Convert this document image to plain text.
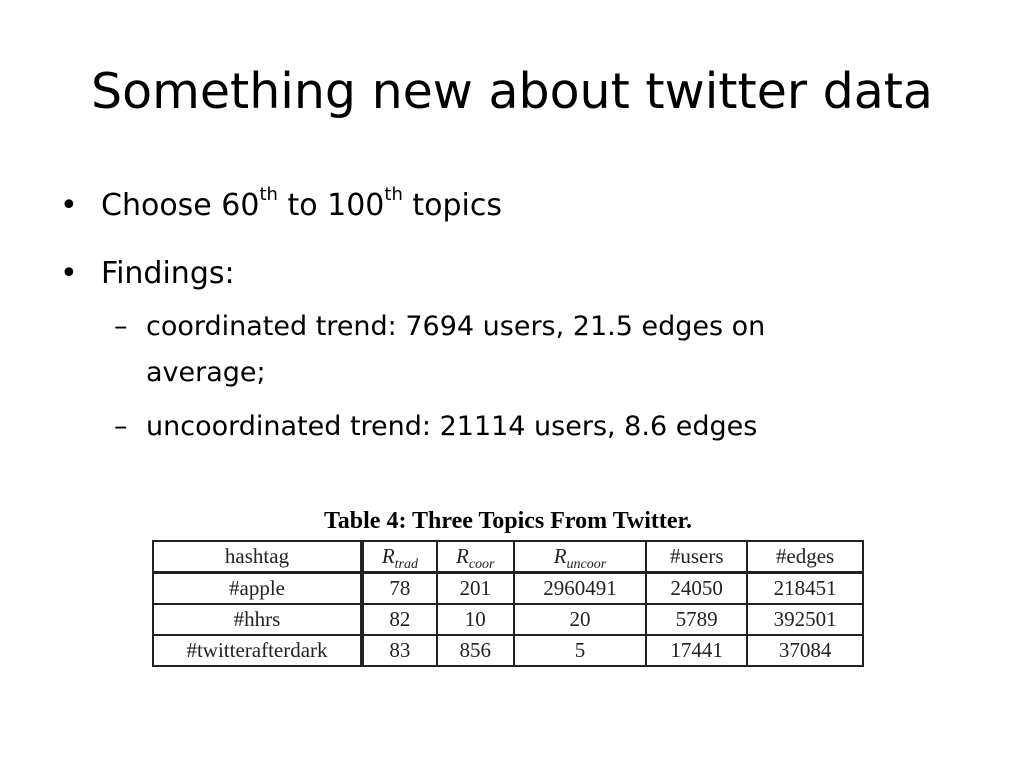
Something new about twitter data
• Choose 60th to 100th topics
• Findings:
– coordinated trend: 7694 users, 21.5 edges on average;
– uncoordinated trend: 21114 users, 8.6 edges
Table 4: Three Topics From Twitter.
hashtag	$R_{trad}$	$R_{coor}$	$R_{uncoor}$	#users	#edges
#apple	78	201	2960491	24050	218451
#hhrs	82	10	20	5789	392501
#twitterafterdark	83	856	5	17441	37084
